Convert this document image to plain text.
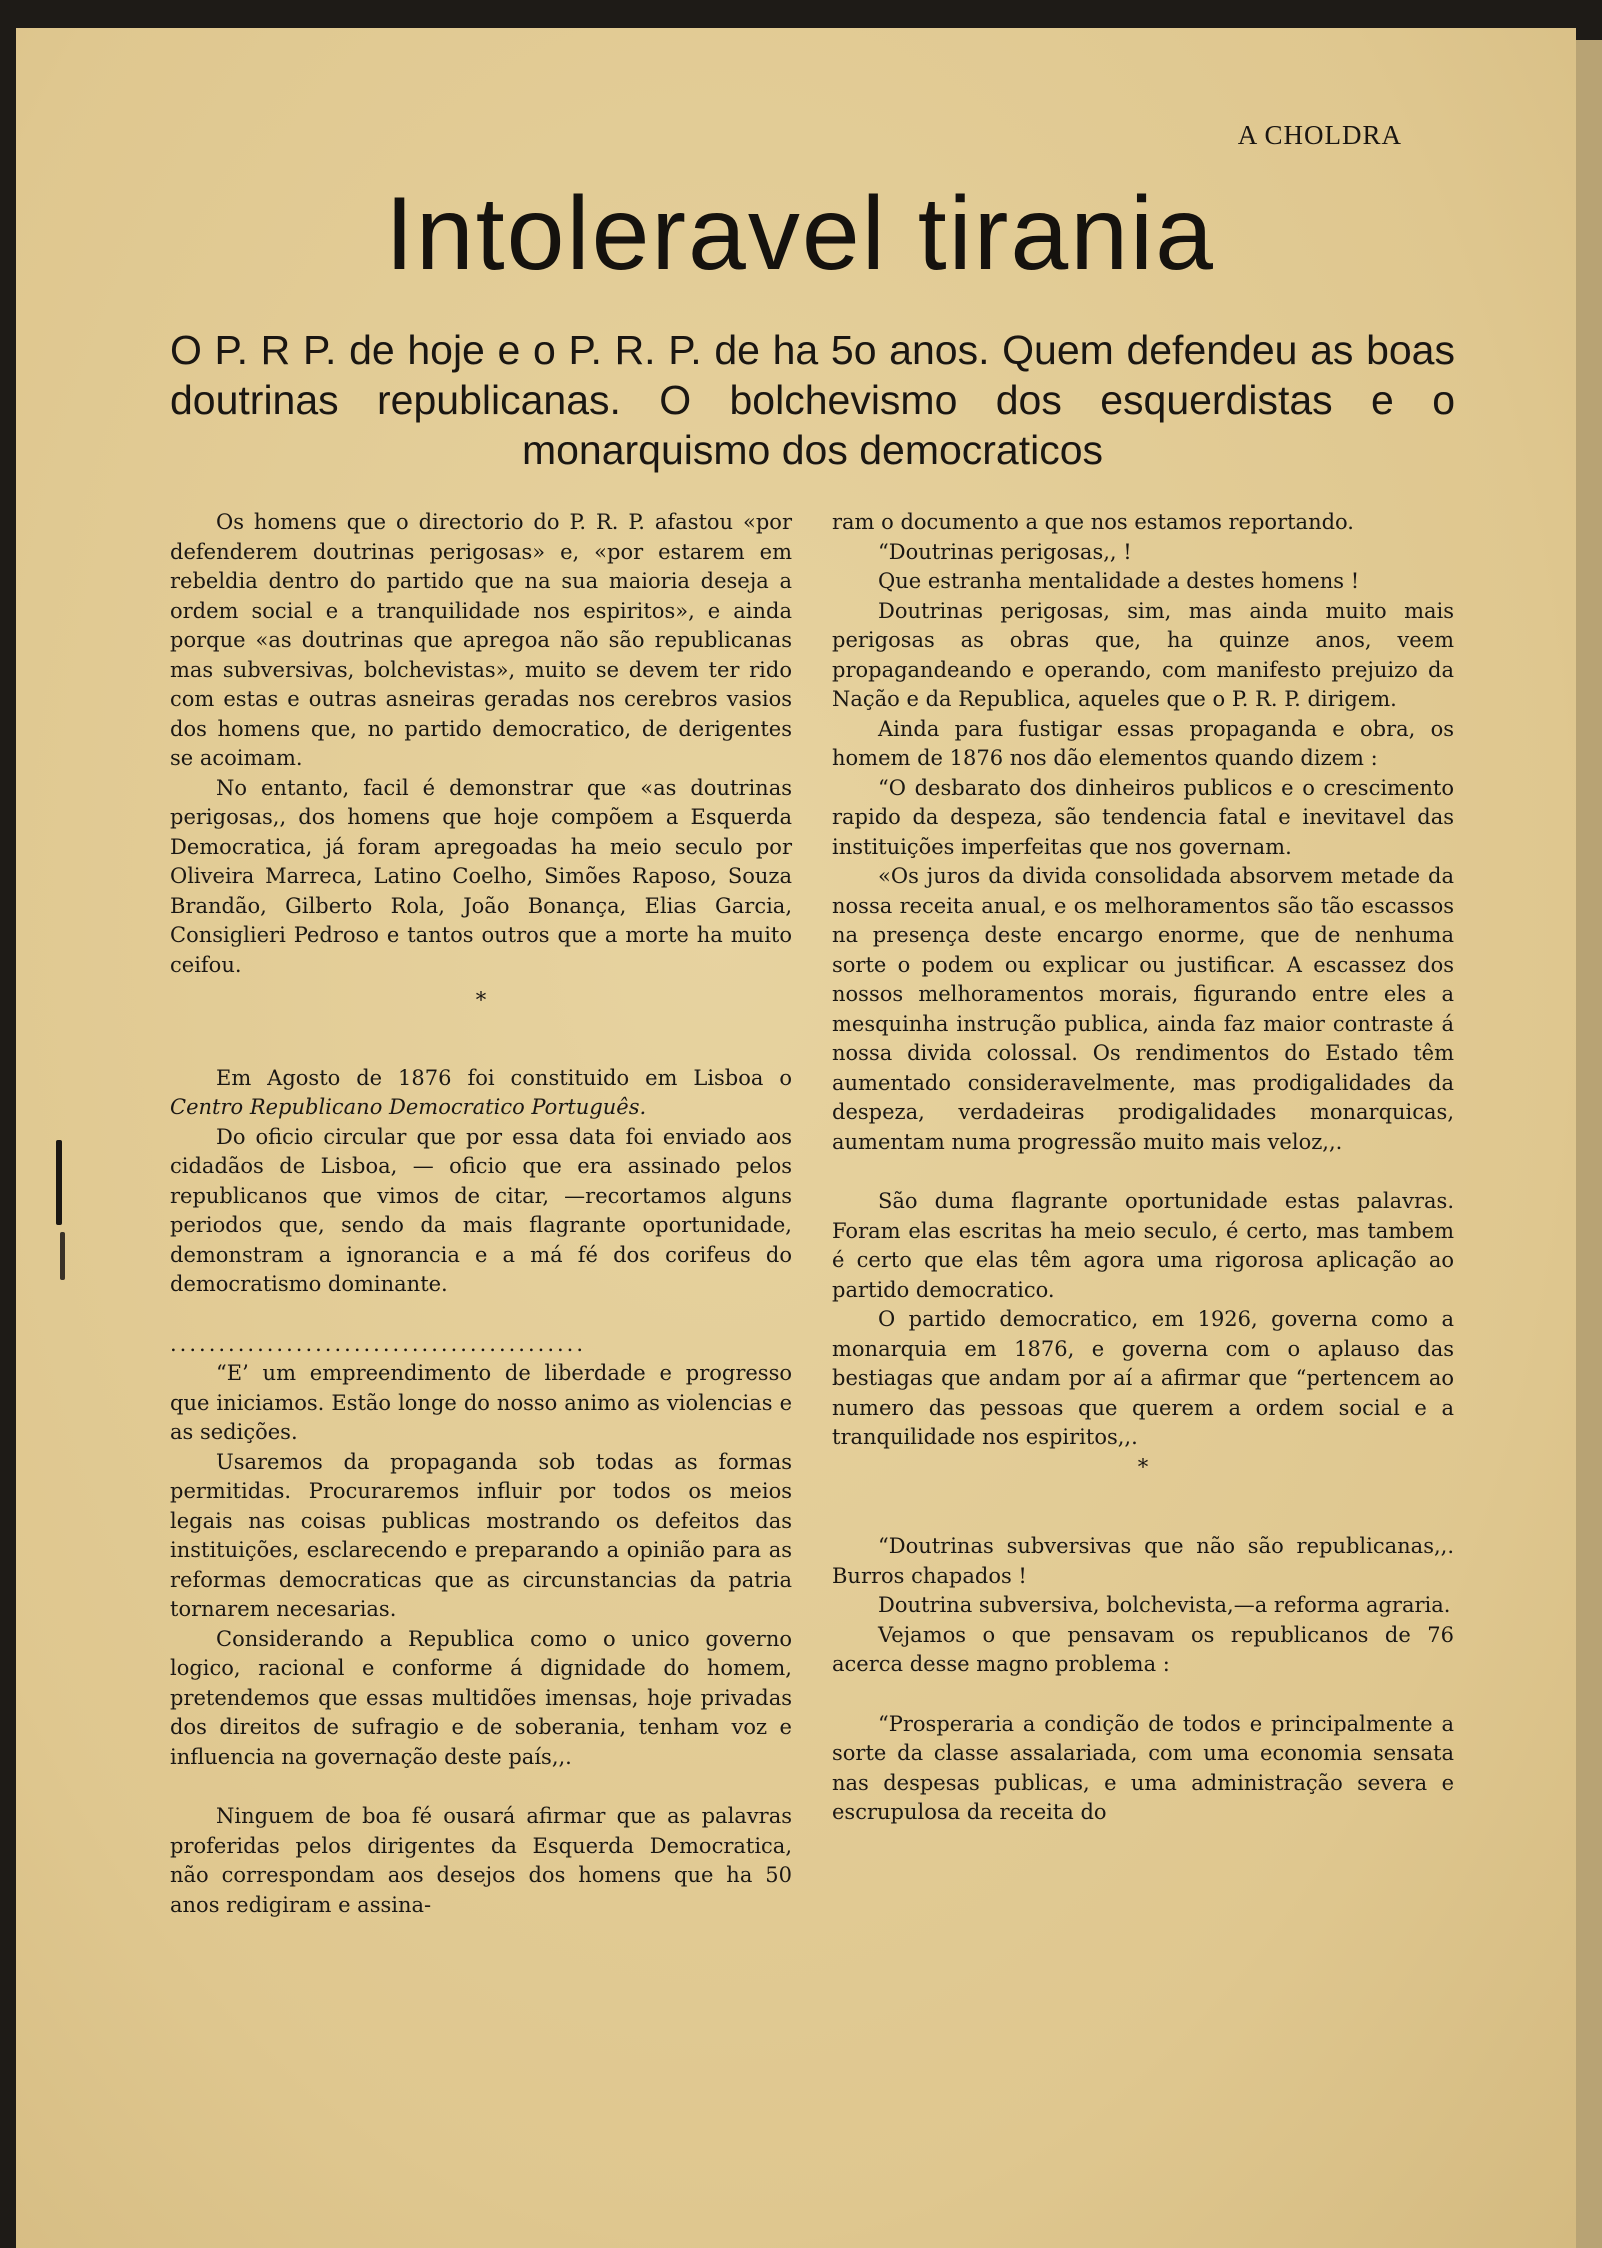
A CHOLDRA
Intoleravel tirania

O P. R P. de hoje e o P. R. P. de ha 5o anos. Quem defendeu as boas doutrinas republicanas. O bolchevismo dos esquerdistas e o monarquismo dos democraticos

Os homens que o directorio do P. R. P. afastou «por defenderem doutrinas perigosas» e, «por estarem em rebeldia dentro do partido que na sua maioria deseja a ordem social e a tranquilidade nos espiritos», e ainda porque «as doutrinas que apregoa não são republicanas mas subversivas, bolchevistas», muito se devem ter rido com estas e outras asneiras geradas nos cerebros vasios dos homens que, no partido democratico, de derigentes se acoimam.

No entanto, facil é demonstrar que «as doutrinas perigosas,, dos homens que hoje compõem a Esquerda Democratica, já foram apregoadas ha meio seculo por Oliveira Marreca, Latino Coelho, Simões Raposo, Souza Brandão, Gilberto Rola, João Bonança, Elias Garcia, Consiglieri Pedroso e tantos outros que a morte ha muito ceifou.

*

Em Agosto de 1876 foi constituido em Lisboa o Centro Republicano Democratico Português.

Do oficio circular que por essa data foi enviado aos cidadãos de Lisboa, — oficio que era assinado pelos republicanos que vimos de citar, —recortamos alguns periodos que, sendo da mais flagrante oportunidade, demonstram a ignorancia e a má fé dos corifeus do democratismo dominante.

...........................................

“E’ um empreendimento de liberdade e progresso que iniciamos. Estão longe do nosso animo as violencias e as sedições.

Usaremos da propaganda sob todas as formas permitidas. Procuraremos influir por todos os meios legais nas coisas publicas mostrando os defeitos das instituições, esclarecendo e preparando a opinião para as reformas democraticas que as circunstancias da patria tornarem necesarias.

Considerando a Republica como o unico governo logico, racional e conforme á dignidade do homem, pretendemos que essas multidões imensas, hoje privadas dos direitos de sufragio e de soberania, tenham voz e influencia na governação deste país,,.

Ninguem de boa fé ousará afirmar que as palavras proferidas pelos dirigentes da Esquerda Democratica, não correspondam aos desejos dos homens que ha 50 anos redigiram e assina-

ram o documento a que nos estamos reportando.

“Doutrinas perigosas,, !

Que estranha mentalidade a destes homens !

Doutrinas perigosas, sim, mas ainda muito mais perigosas as obras que, ha quinze anos, veem propagandeando e operando, com manifesto prejuizo da Nação e da Republica, aqueles que o P. R. P. dirigem.

Ainda para fustigar essas propaganda e obra, os homem de 1876 nos dão elementos quando dizem :

“O desbarato dos dinheiros publicos e o crescimento rapido da despeza, são tendencia fatal e inevitavel das instituições imperfeitas que nos governam.

«Os juros da divida consolidada absorvem metade da nossa receita anual, e os melhoramentos são tão escassos na presença deste encargo enorme, que de nenhuma sorte o podem ou explicar ou justificar. A escassez dos nossos melhoramentos morais, figurando entre eles a mesquinha instrução publica, ainda faz maior contraste á nossa divida colossal. Os rendimentos do Estado têm aumentado consideravelmente, mas prodigalidades da despeza, verdadeiras prodigalidades monarquicas, aumentam numa progressão muito mais veloz,,.

São duma flagrante oportunidade estas palavras. Foram elas escritas ha meio seculo, é certo, mas tambem é certo que elas têm agora uma rigorosa aplicação ao partido democratico.

O partido democratico, em 1926, governa como a monarquia em 1876, e governa com o aplauso das bestiagas que andam por aí a afirmar que “pertencem ao numero das pessoas que querem a ordem social e a tranquilidade nos espiritos,,.

*

“Doutrinas subversivas que não são republicanas,,. Burros chapados !

Doutrina subversiva, bolchevista,—a reforma agraria.

Vejamos o que pensavam os republicanos de 76 acerca desse magno problema :

“Prosperaria a condição de todos e principalmente a sorte da classe assalariada, com uma economia sensata nas despesas publicas, e uma administração severa e escrupulosa da receita do
